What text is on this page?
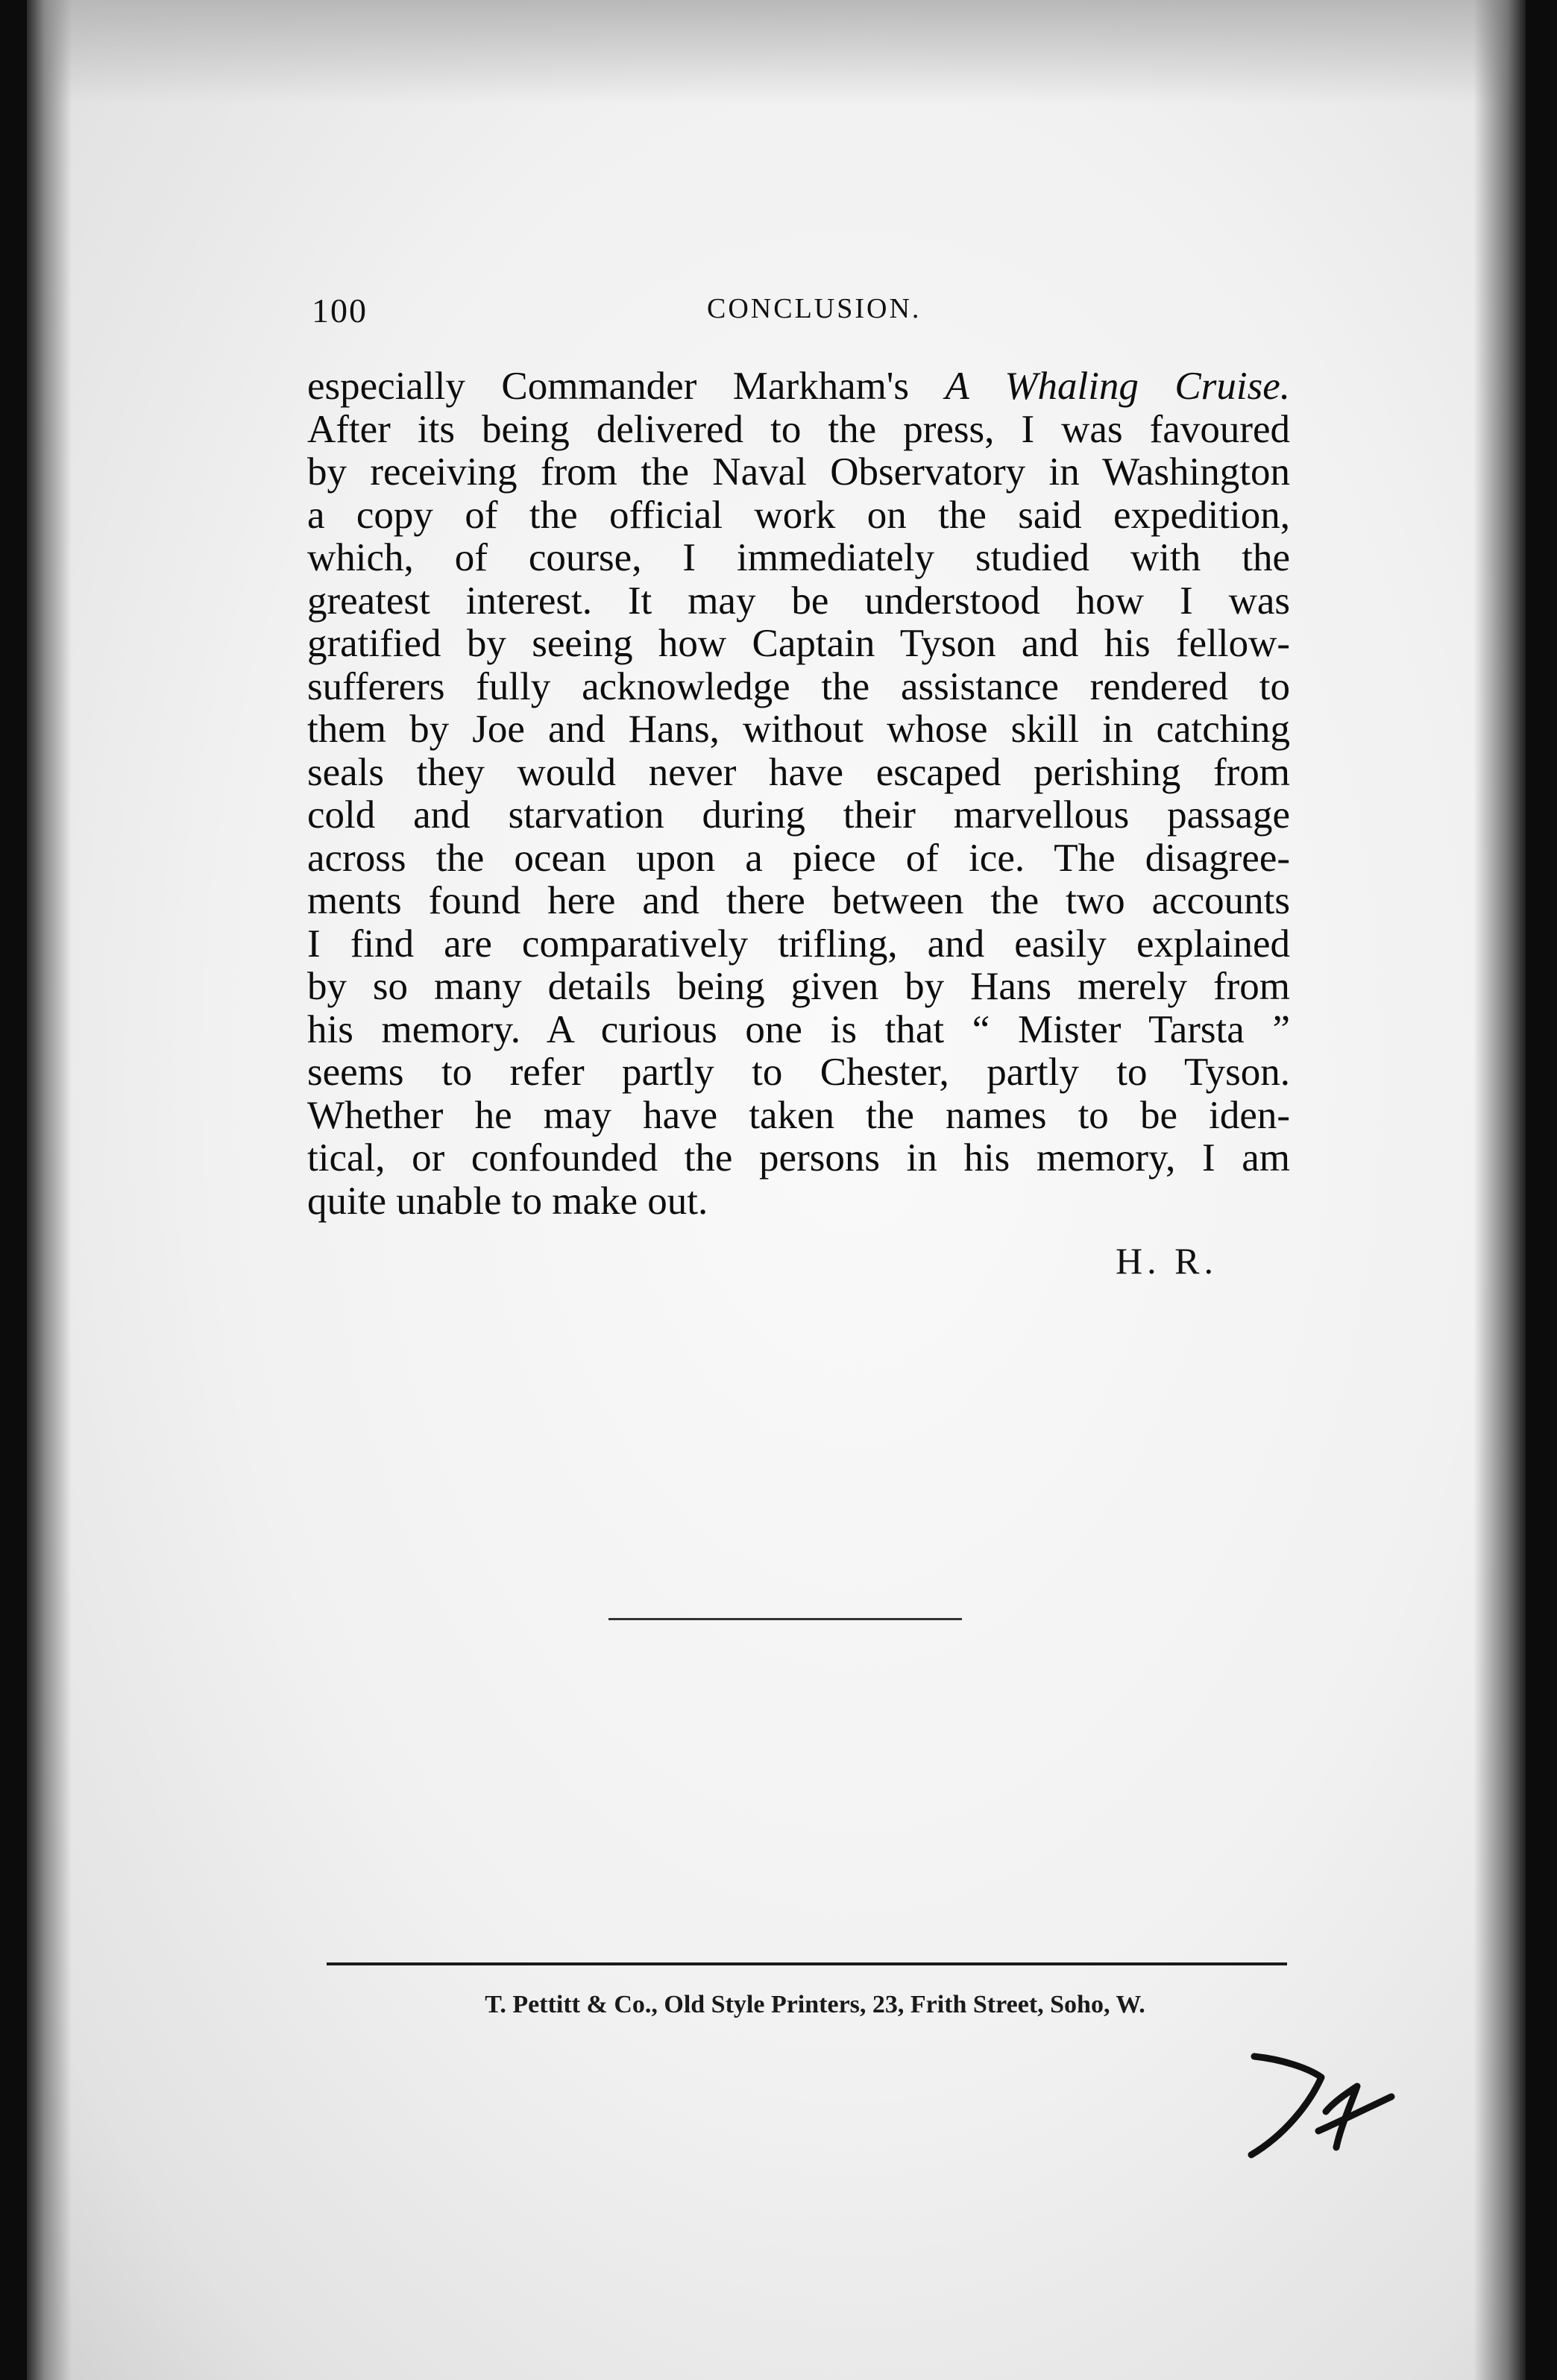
100	CONCLUSION.
especially Commander Markham's A Whaling Cruise.
After its being delivered to the press, I was favoured
by receiving from the Naval Observatory in Washington
a copy of the official work on the said expedition,
which, of course, I immediately studied with the
greatest interest. It may be understood how I was
gratified by seeing how Captain Tyson and his fellow-
sufferers fully acknowledge the assistance rendered to
them by Joe and Hans, without whose skill in catching
seals they would never have escaped perishing from
cold and starvation during their marvellous passage
across the ocean upon a piece of ice. The disagree-
ments found here and there between the two accounts
I find are comparatively trifling, and easily explained
by so many details being given by Hans merely from
his memory. A curious one is that “ Mister Tarsta ”
seems to refer partly to Chester, partly to Tyson.
Whether he may have taken the names to be iden-
tical, or confounded the persons in his memory, I am
quite unable to make out.
H. R.
T. Pettitt & Co., Old Style Printers, 23, Frith Street, Soho, W.
